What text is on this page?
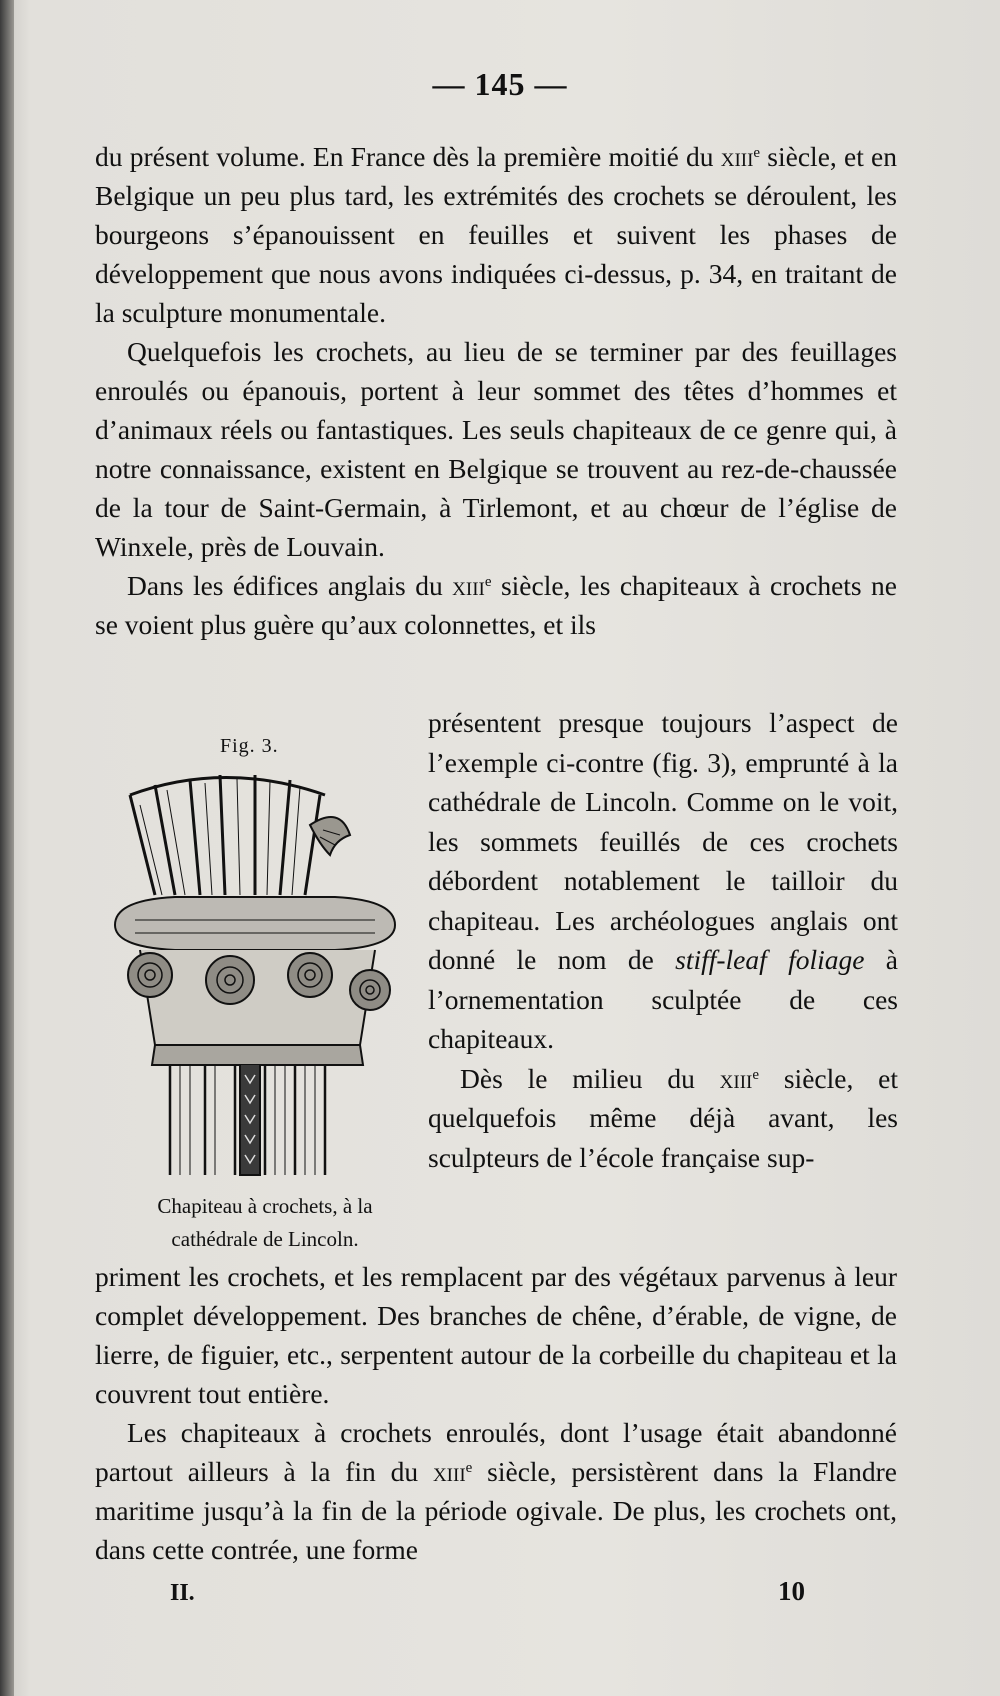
— 145 —

du présent volume. En France dès la première moitié du xiii$^e$ siècle, et en Belgique un peu plus tard, les extrémités des crochets se déroulent, les bourgeons s’épanouissent en feuilles et suivent les phases de développement que nous avons indiquées ci-dessus, p. 34, en traitant de la sculpture monumentale.

Quelquefois les crochets, au lieu de se terminer par des feuillages enroulés ou épanouis, portent à leur sommet des têtes d’hommes et d’animaux réels ou fantastiques. Les seuls chapiteaux de ce genre qui, à notre connaissance, existent en Belgique se trouvent au rez-de-chaussée de la tour de Saint-Germain, à Tirlemont, et au chœur de l’église de Winxele, près de Louvain.

Dans les édifices anglais du xiii$^e$ siècle, les chapiteaux à crochets ne se voient plus guère qu’aux colonnettes, et ils

Fig. 3.

présentent presque toujours l’aspect de l’exemple ci-contre (fig. 3), emprunté à la cathédrale de Lincoln. Comme on le voit, les sommets feuillés de ces crochets débordent notablement le tailloir du chapiteau. Les archéologues anglais ont donné le nom de stiff-leaf foliage à l’ornementation sculptée de ces chapiteaux.

Dès le milieu du xiii$^e$ siècle, et quelquefois même déjà avant, les sculpteurs de l’école française sup-

Chapiteau à crochets, à la
cathédrale de Lincoln.

priment les crochets, et les remplacent par des végétaux parvenus à leur complet développement. Des branches de chêne, d’érable, de vigne, de lierre, de figuier, etc., serpentent autour de la corbeille du chapiteau et la couvrent tout entière.

Les chapiteaux à crochets enroulés, dont l’usage était abandonné partout ailleurs à la fin du xiii$^e$ siècle, persistèrent dans la Flandre maritime jusqu’à la fin de la période ogivale. De plus, les crochets ont, dans cette contrée, une forme

II.	10
